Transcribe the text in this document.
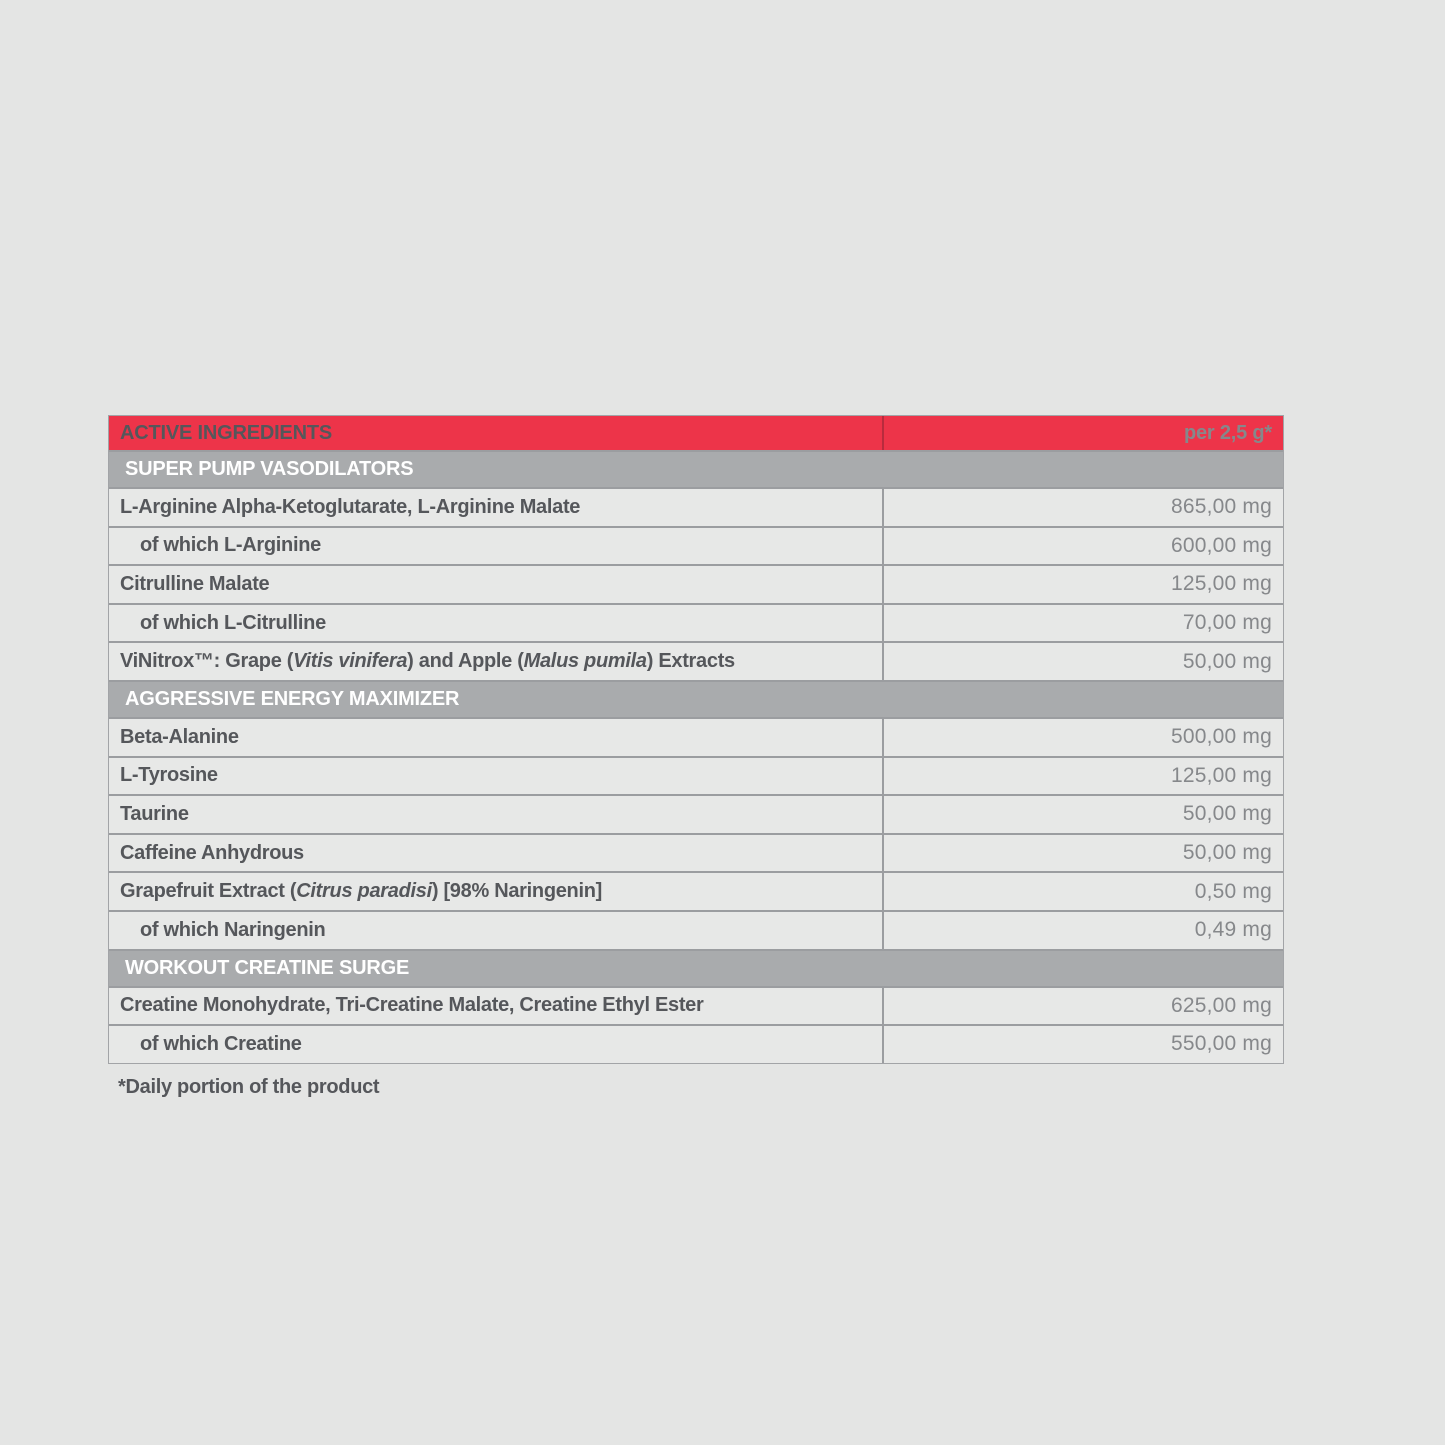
ACTIVE INGREDIENTS	per 2,5 g*
SUPER PUMP VASODILATORS
L-Arginine Alpha-Ketoglutarate, L-Arginine Malate	865,00 mg
of which L-Arginine	600,00 mg
Citrulline Malate	125,00 mg
of which L-Citrulline	70,00 mg
ViNitrox™: Grape ( Vitis vinifera ) and Apple ( Malus pumila ) Extracts	50,00 mg
AGGRESSIVE ENERGY MAXIMIZER
Beta-Alanine	500,00 mg
L-Tyrosine	125,00 mg
Taurine	50,00 mg
Caffeine Anhydrous	50,00 mg
Grapefruit Extract ( Citrus paradisi ) [98% Naringenin]	0,50 mg
of which Naringenin	0,49 mg
WORKOUT CREATINE SURGE
Creatine Monohydrate, Tri-Creatine Malate, Creatine Ethyl Ester	625,00 mg
of which Creatine	550,00 mg
*Daily portion of the product
